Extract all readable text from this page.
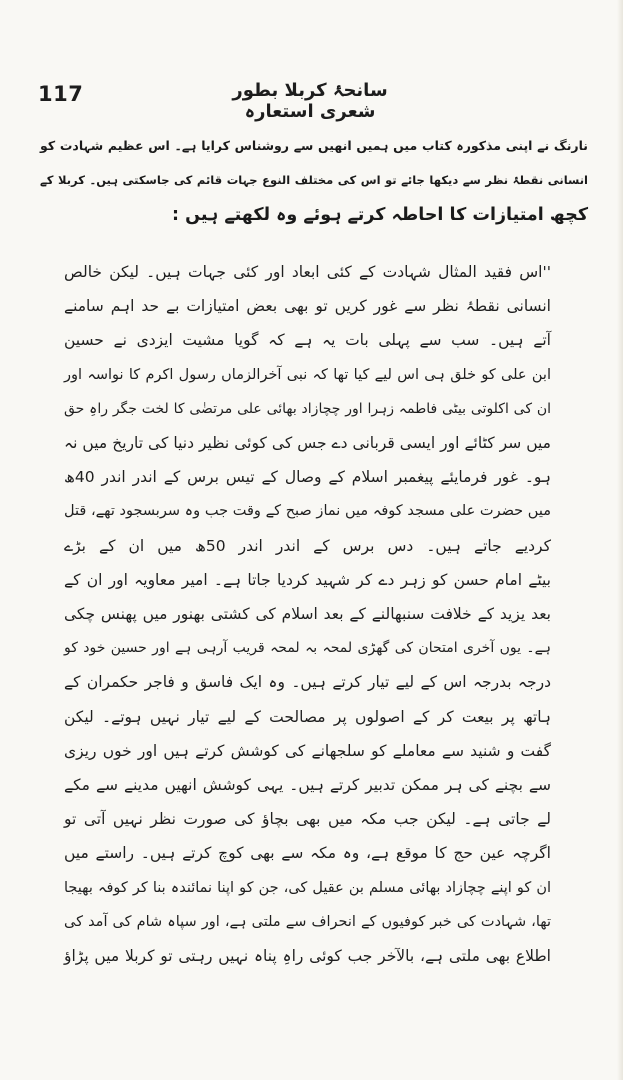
117	سانحۂ کربلا بطور شعری استعارہ
نارنگ نے اپنی مذکورہ کتاب میں ہمیں انھیں سے روشناس کرایا ہے۔ اس عظیم شہادت کو
انسانی نقطۂ نظر سے دیکھا جائے تو اس کی مختلف النوع جہات قائم کی جاسکتی ہیں۔ کربلا کے
کچھ امتیازات کا احاطہ کرتے ہوئے وہ لکھتے ہیں :
''اس فقید المثال شہادت کے کئی ابعاد اور کئی جہات ہیں۔ لیکن خالص
انسانی نقطۂ نظر سے غور کریں تو بھی بعض امتیازات بے حد اہم سامنے
آتے ہیں۔ سب سے پہلی بات یہ ہے کہ گویا مشیت ایزدی نے حسین
ابن علی کو خلق ہی اس لیے کیا تھا کہ نبی آخرالزماں رسول اکرم کا نواسہ اور
ان کی اکلوتی بیٹی فاطمہ زہرا اور چچازاد بھائی علی مرتضٰی کا لخت جگر راہِ حق
میں سر کٹائے اور ایسی قربانی دے جس کی کوئی نظیر دنیا کی تاریخ میں نہ
ہو۔ غور فرمایئے پیغمبر اسلام کے وصال کے تیس برس کے اندر اندر 40ھ
میں حضرت علی مسجد کوفہ میں نماز صبح کے وقت جب وہ سربسجود تھے، قتل
کردیے جاتے ہیں۔ دس برس کے اندر اندر 50ھ میں ان کے بڑے
بیٹے امام حسن کو زہر دے کر شہید کردیا جاتا ہے۔ امیر معاویہ اور ان کے
بعد یزید کے خلافت سنبھالنے کے بعد اسلام کی کشتی بھنور میں پھنس چکی
ہے۔ یوں آخری امتحان کی گھڑی لمحہ بہ لمحہ قریب آرہی ہے اور حسین خود کو
درجہ بدرجہ اس کے لیے تیار کرتے ہیں۔ وہ ایک فاسق و فاجر حکمران کے
ہاتھ پر بیعت کر کے اصولوں پر مصالحت کے لیے تیار نہیں ہوتے۔ لیکن
گفت و شنید سے معاملے کو سلجھانے کی کوشش کرتے ہیں اور خوں ریزی
سے بچنے کی ہر ممکن تدبیر کرتے ہیں۔ یہی کوشش انھیں مدینے سے مکے
لے جاتی ہے۔ لیکن جب مکہ میں بھی بچاؤ کی صورت نظر نہیں آتی تو
اگرچہ عین حج کا موقع ہے، وہ مکہ سے بھی کوچ کرتے ہیں۔ راستے میں
ان کو اپنے چچازاد بھائی مسلم بن عقیل کی، جن کو اپنا نمائندہ بنا کر کوفہ بھیجا
تھا، شہادت کی خبر کوفیوں کے انحراف سے ملتی ہے، اور سپاہ شام کی آمد کی
اطلاع بھی ملتی ہے، بالآخر جب کوئی راہِ پناہ نہیں رہتی تو کربلا میں پڑاؤ
